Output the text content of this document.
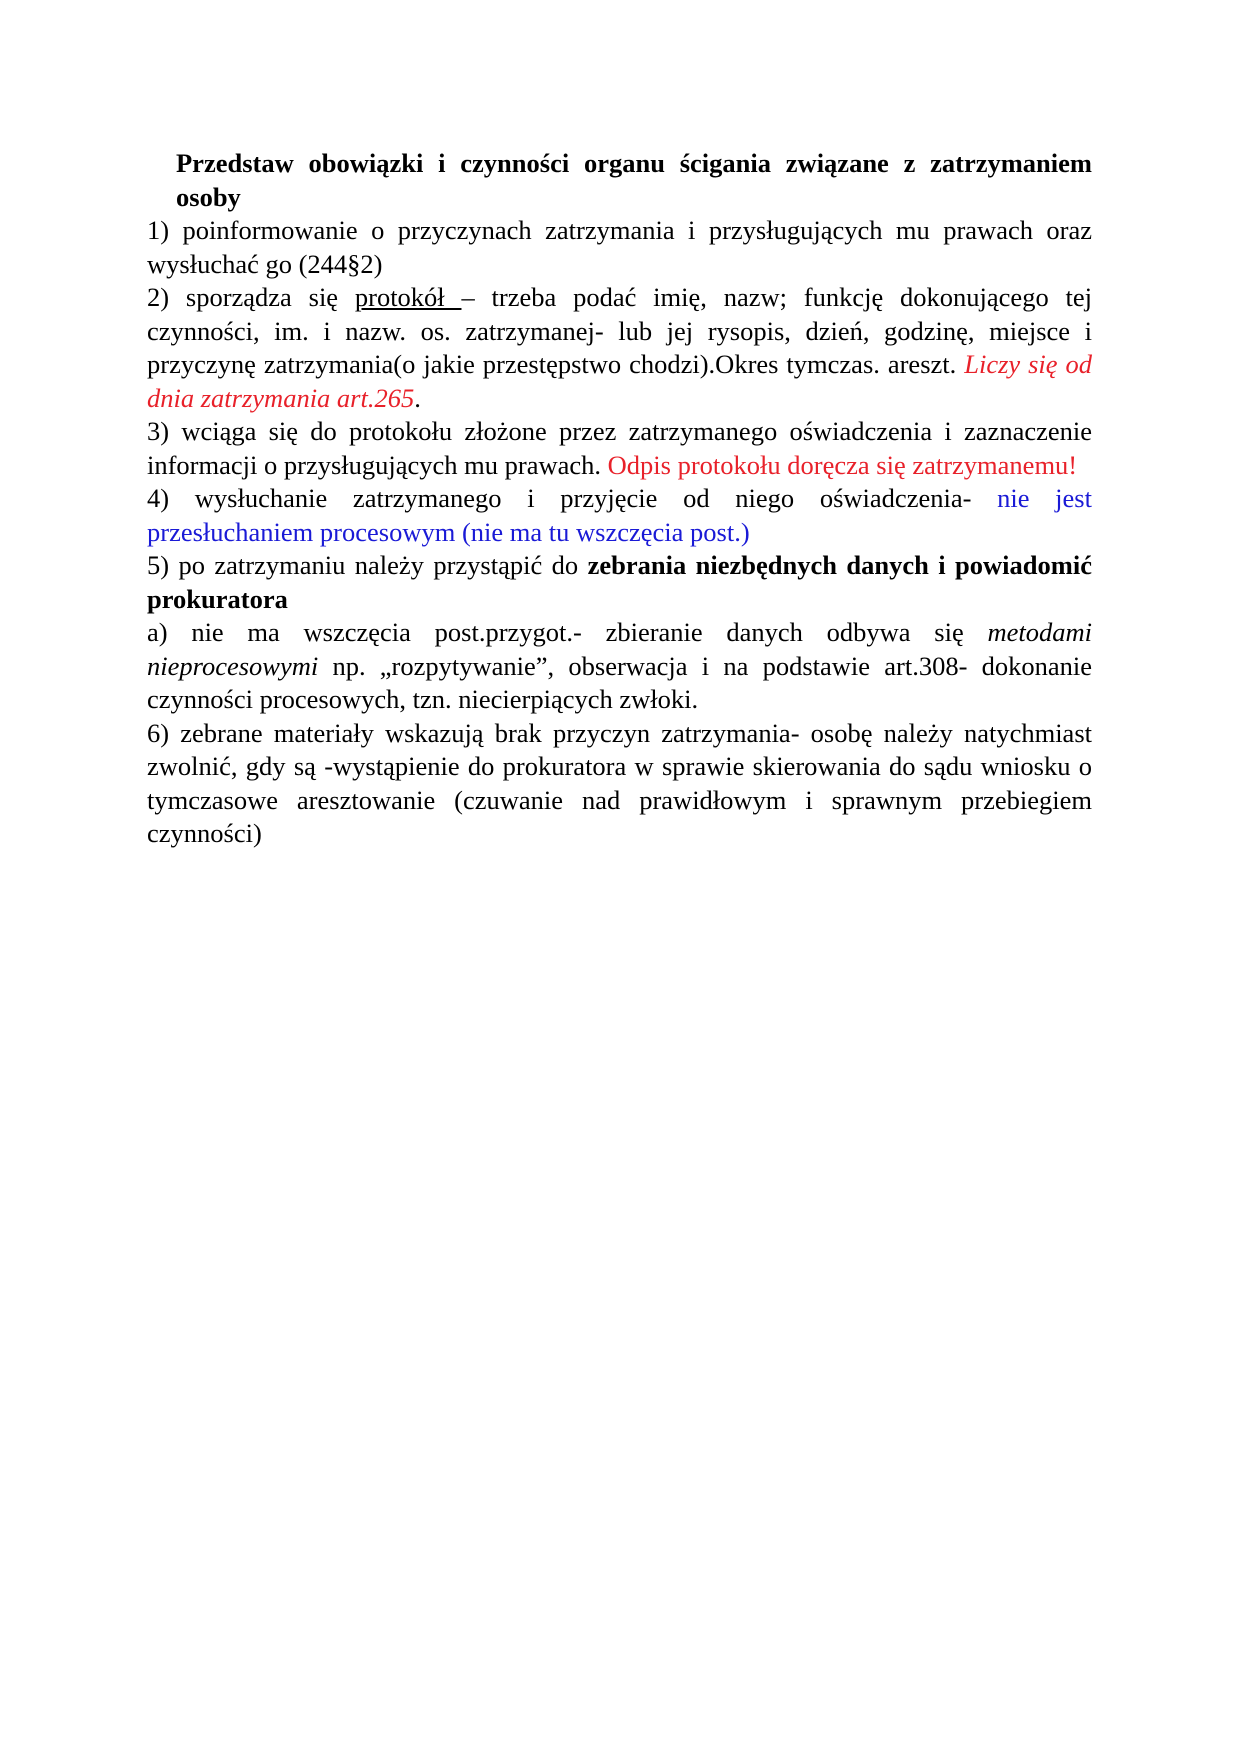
Przedstaw obowiązki i czynności organu ścigania związane z zatrzymaniem osoby

1) poinformowanie o przyczynach zatrzymania i przysługujących mu prawach oraz wysłuchać go (244§2)

2) sporządza się protokół – trzeba podać imię, nazw; funkcję dokonującego tej czynności, im. i nazw. os. zatrzymanej- lub jej rysopis, dzień, godzinę, miejsce i przyczynę zatrzymania(o jakie przestępstwo chodzi).Okres tymczas. areszt. Liczy się od dnia zatrzymania art.265.

3) wciąga się do protokołu złożone przez zatrzymanego oświadczenia i zaznaczenie informacji o przysługujących mu prawach. Odpis protokołu doręcza się zatrzymanemu!

4) wysłuchanie zatrzymanego i przyjęcie od niego oświadczenia- nie jest przesłuchaniem procesowym (nie ma tu wszczęcia post.)

5) po zatrzymaniu należy przystąpić do zebrania niezbędnych danych i powiadomić prokuratora

a) nie ma wszczęcia post.przygot.- zbieranie danych odbywa się metodami nieprocesowymi np. „rozpytywanie”, obserwacja i na podstawie art.308- dokonanie czynności procesowych, tzn. niecierpiących zwłoki.

6) zebrane materiały wskazują brak przyczyn zatrzymania- osobę należy natychmiast zwolnić, gdy są -wystąpienie do prokuratora w sprawie skierowania do sądu wniosku o tymczasowe aresztowanie (czuwanie nad prawidłowym i sprawnym przebiegiem czynności)
